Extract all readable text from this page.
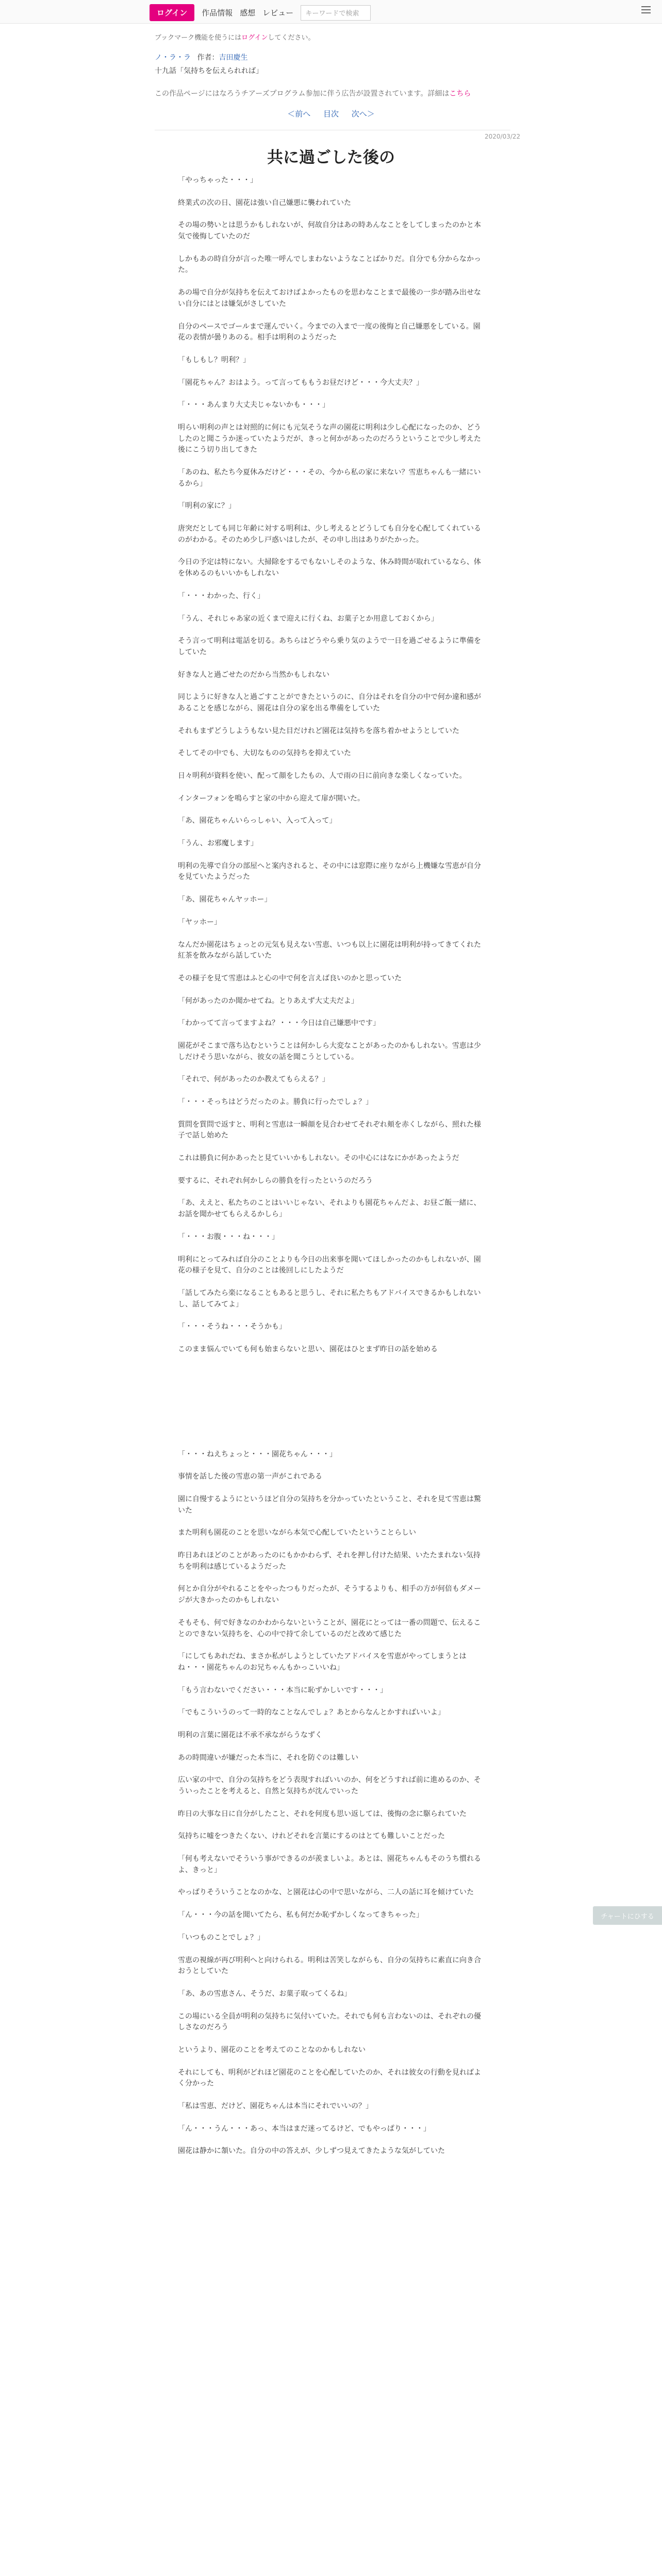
ログイン	作品情報 感想 レビュー キーワードで検索
ブックマーク機能を使うにはログインしてください。
ノ・ラ・ラ 作者：吉田慶生
十九話「気持ちを伝えられれば」
この作品ページにはなろうチアーズプログラム参加に伴う広告が設置されています。詳細はこちら
＜前へ 目次 次へ＞
2020/03/22
共に過ごした後の

「やっちゃった・・・」

終業式の次の日、園花は強い自己嫌悪に襲われていた

その場の勢いとは思うかもしれないが、何故自分はあの時あんなことをしてしまったのかと本気で後悔していたのだ

しかもあの時自分が言った唯一呼んでしまわないようなことばかりだ。自分でも分からなかった。

あの場で自分が気持ちを伝えておけばよかったものを思わなことまで最後の一歩が踏み出せない自分にはとは嫌気がさしていた

自分のペースでゴールまで運んでいく。今までの入まで一度の後悔と自己嫌悪をしている。園花の表情が曇りあのる。相手は明利のようだった

「もしもし？明利？」

「園花ちゃん？おはよう。って言ってももうお昼だけど・・・今大丈夫？」

「・・・あんまり大丈夫じゃないかも・・・」

明らい明利の声とは対照的に何にも元気そうな声の園花に明利は少し心配になったのか、どうしたのと聞こうか迷っていたようだが、きっと何かがあったのだろうということで少し考えた後にこう切り出してきた

「あのね、私たち今夏休みだけど・・・その、今から私の家に来ない？雪恵ちゃんも一緒にいるから」

「明利の家に？」

唐突だとしても同じ年齢に対する明利は、少し考えるとどうしても自分を心配してくれているのがわかる。そのため少し戸惑いはしたが、その申し出はありがたかった。

今日の予定は特にない。大掃除をするでもないしそのような、休み時間が取れているなら、体を休めるのもいいかもしれない

「・・・わかった、行く」

「うん、それじゃあ家の近くまで迎えに行くね、お菓子とか用意しておくから」

そう言って明利は電話を切る。あちらはどうやら乗り気のようで一日を過ごせるように準備をしていた

好きな人と過ごせたのだから当然かもしれない

同じように好きな人と過ごすことができたというのに、自分はそれを自分の中で何か違和感があることを感じながら、園花は自分の家を出る準備をしていた

それもまずどうしようもない見た目だけれど園花は気持ちを落ち着かせようとしていた

そしてその中でも、大切なものの気持ちを抑えていた

日々明利が資料を使い、配って顔をしたもの、人で雨の日に前向きな楽しくなっていた。

インターフォンを鳴らすと家の中から迎えて扉が開いた。

「あ、園花ちゃんいらっしゃい、入って入って」

「うん、お邪魔します」

明利の先導で自分の部屋へと案内されると、その中には窓際に座りながら上機嫌な雪恵が自分を見ていたようだった

「あ、園花ちゃんヤッホー」

「ヤッホー」

なんだか園花はちょっとの元気も見えない雪恵、いつも以上に園花は明利が持ってきてくれた紅茶を飲みながら話していた

その様子を見て雪恵はふと心の中で何を言えば良いのかと思っていた

「何があったのか聞かせてね。とりあえず大丈夫だよ」

「わかってて言ってますよね？・・・今日は自己嫌悪中です」

園花がそこまで落ち込むということは何かしら大変なことがあったのかもしれない。雪恵は少しだけそう思いながら、彼女の話を聞こうとしている。

「それで、何があったのか教えてもらえる？」

「・・・そっちはどうだったのよ。勝負に行ったでしょ？」

質問を質問で返すと、明利と雪恵は一瞬顔を見合わせてそれぞれ頬を赤くしながら、照れた様子で話し始めた

これは勝負に何かあったと見ていいかもしれない。その中心にはなにかがあったようだ

要するに、それぞれ何かしらの勝負を行ったというのだろう

「あ、ええと、私たちのことはいいじゃない、それよりも園花ちゃんだよ、お昼ご飯一緒に、お話を聞かせてもらえるかしら」

「・・・お腹・・・ね・・・」

明利にとってみれば自分のことよりも今日の出来事を聞いてほしかったのかもしれないが、園花の様子を見て、自分のことは後回しにしたようだ

「話してみたら楽になることもあると思うし、それに私たちもアドバイスできるかもしれないし、話してみてよ」

「・・・そうね・・・そうかも」

このまま悩んでいても何も始まらないと思い、園花はひとまず昨日の話を始める

「・・・ねえちょっと・・・園花ちゃん・・・」

事情を話した後の雪恵の第一声がこれである

園に自慢するようにというほど自分の気持ちを分かっていたということ、それを見て雪恵は驚いた

また明利も園花のことを思いながら本気で心配していたということらしい

昨日あれほどのことがあったのにもかかわらず、それを押し付けた結果、いたたまれない気持ちを明利は感じているようだった

何とか自分がやれることをやったつもりだったが、そうするよりも、相手の方が何倍もダメージが大きかったのかもしれない

そもそも、何で好きなのかわからないということが、園花にとっては一番の問題で、伝えることのできない気持ちを、心の中で持て余しているのだと改めて感じた

「にしてもあれだね、まさか私がしようとしていたアドバイスを雪恵がやってしまうとはね・・・園花ちゃんのお兄ちゃんもかっこいいね」

「もう言わないでください・・・本当に恥ずかしいです・・・」

「でもこういうのって一時的なことなんでしょ？あとからなんとかすればいいよ」

明利の言葉に園花は不承不承ながらうなずく

あの時間違いが嫌だった本当に、それを防ぐのは難しい

広い家の中で、自分の気持ちをどう表現すればいいのか、何をどうすれば前に進めるのか、そういったことを考えると、自然と気持ちが沈んでいった

昨日の大事な日に自分がしたこと、それを何度も思い返しては、後悔の念に駆られていた

気持ちに嘘をつきたくない、けれどそれを言葉にするのはとても難しいことだった

「何も考えないでそういう事ができるのが羨ましいよ。あとは、園花ちゃんもそのうち慣れるよ、きっと」

やっぱりそういうことなのかな、と園花は心の中で思いながら、二人の話に耳を傾けていた

「ん・・・今の話を聞いてたら、私も何だか恥ずかしくなってきちゃった」

「いつものことでしょ？」

雪恵の視線が再び明利へと向けられる。明利は苦笑しながらも、自分の気持ちに素直に向き合おうとしていた

「あ、あの雪恵さん、そうだ、お菓子取ってくるね」

この場にいる全員が明利の気持ちに気付いていた。それでも何も言わないのは、それぞれの優しさなのだろう

というより、園花のことを考えてのことなのかもしれない

それにしても、明利がどれほど園花のことを心配していたのか、それは彼女の行動を見ればよく分かった

「私は雪恵、だけど、園花ちゃんは本当にそれでいいの？」

「ん・・・うん・・・あっ、本当はまだ迷ってるけど、でもやっぱり・・・」

園花は静かに頷いた。自分の中の答えが、少しずつ見えてきたような気がしていた

チャートにひする
